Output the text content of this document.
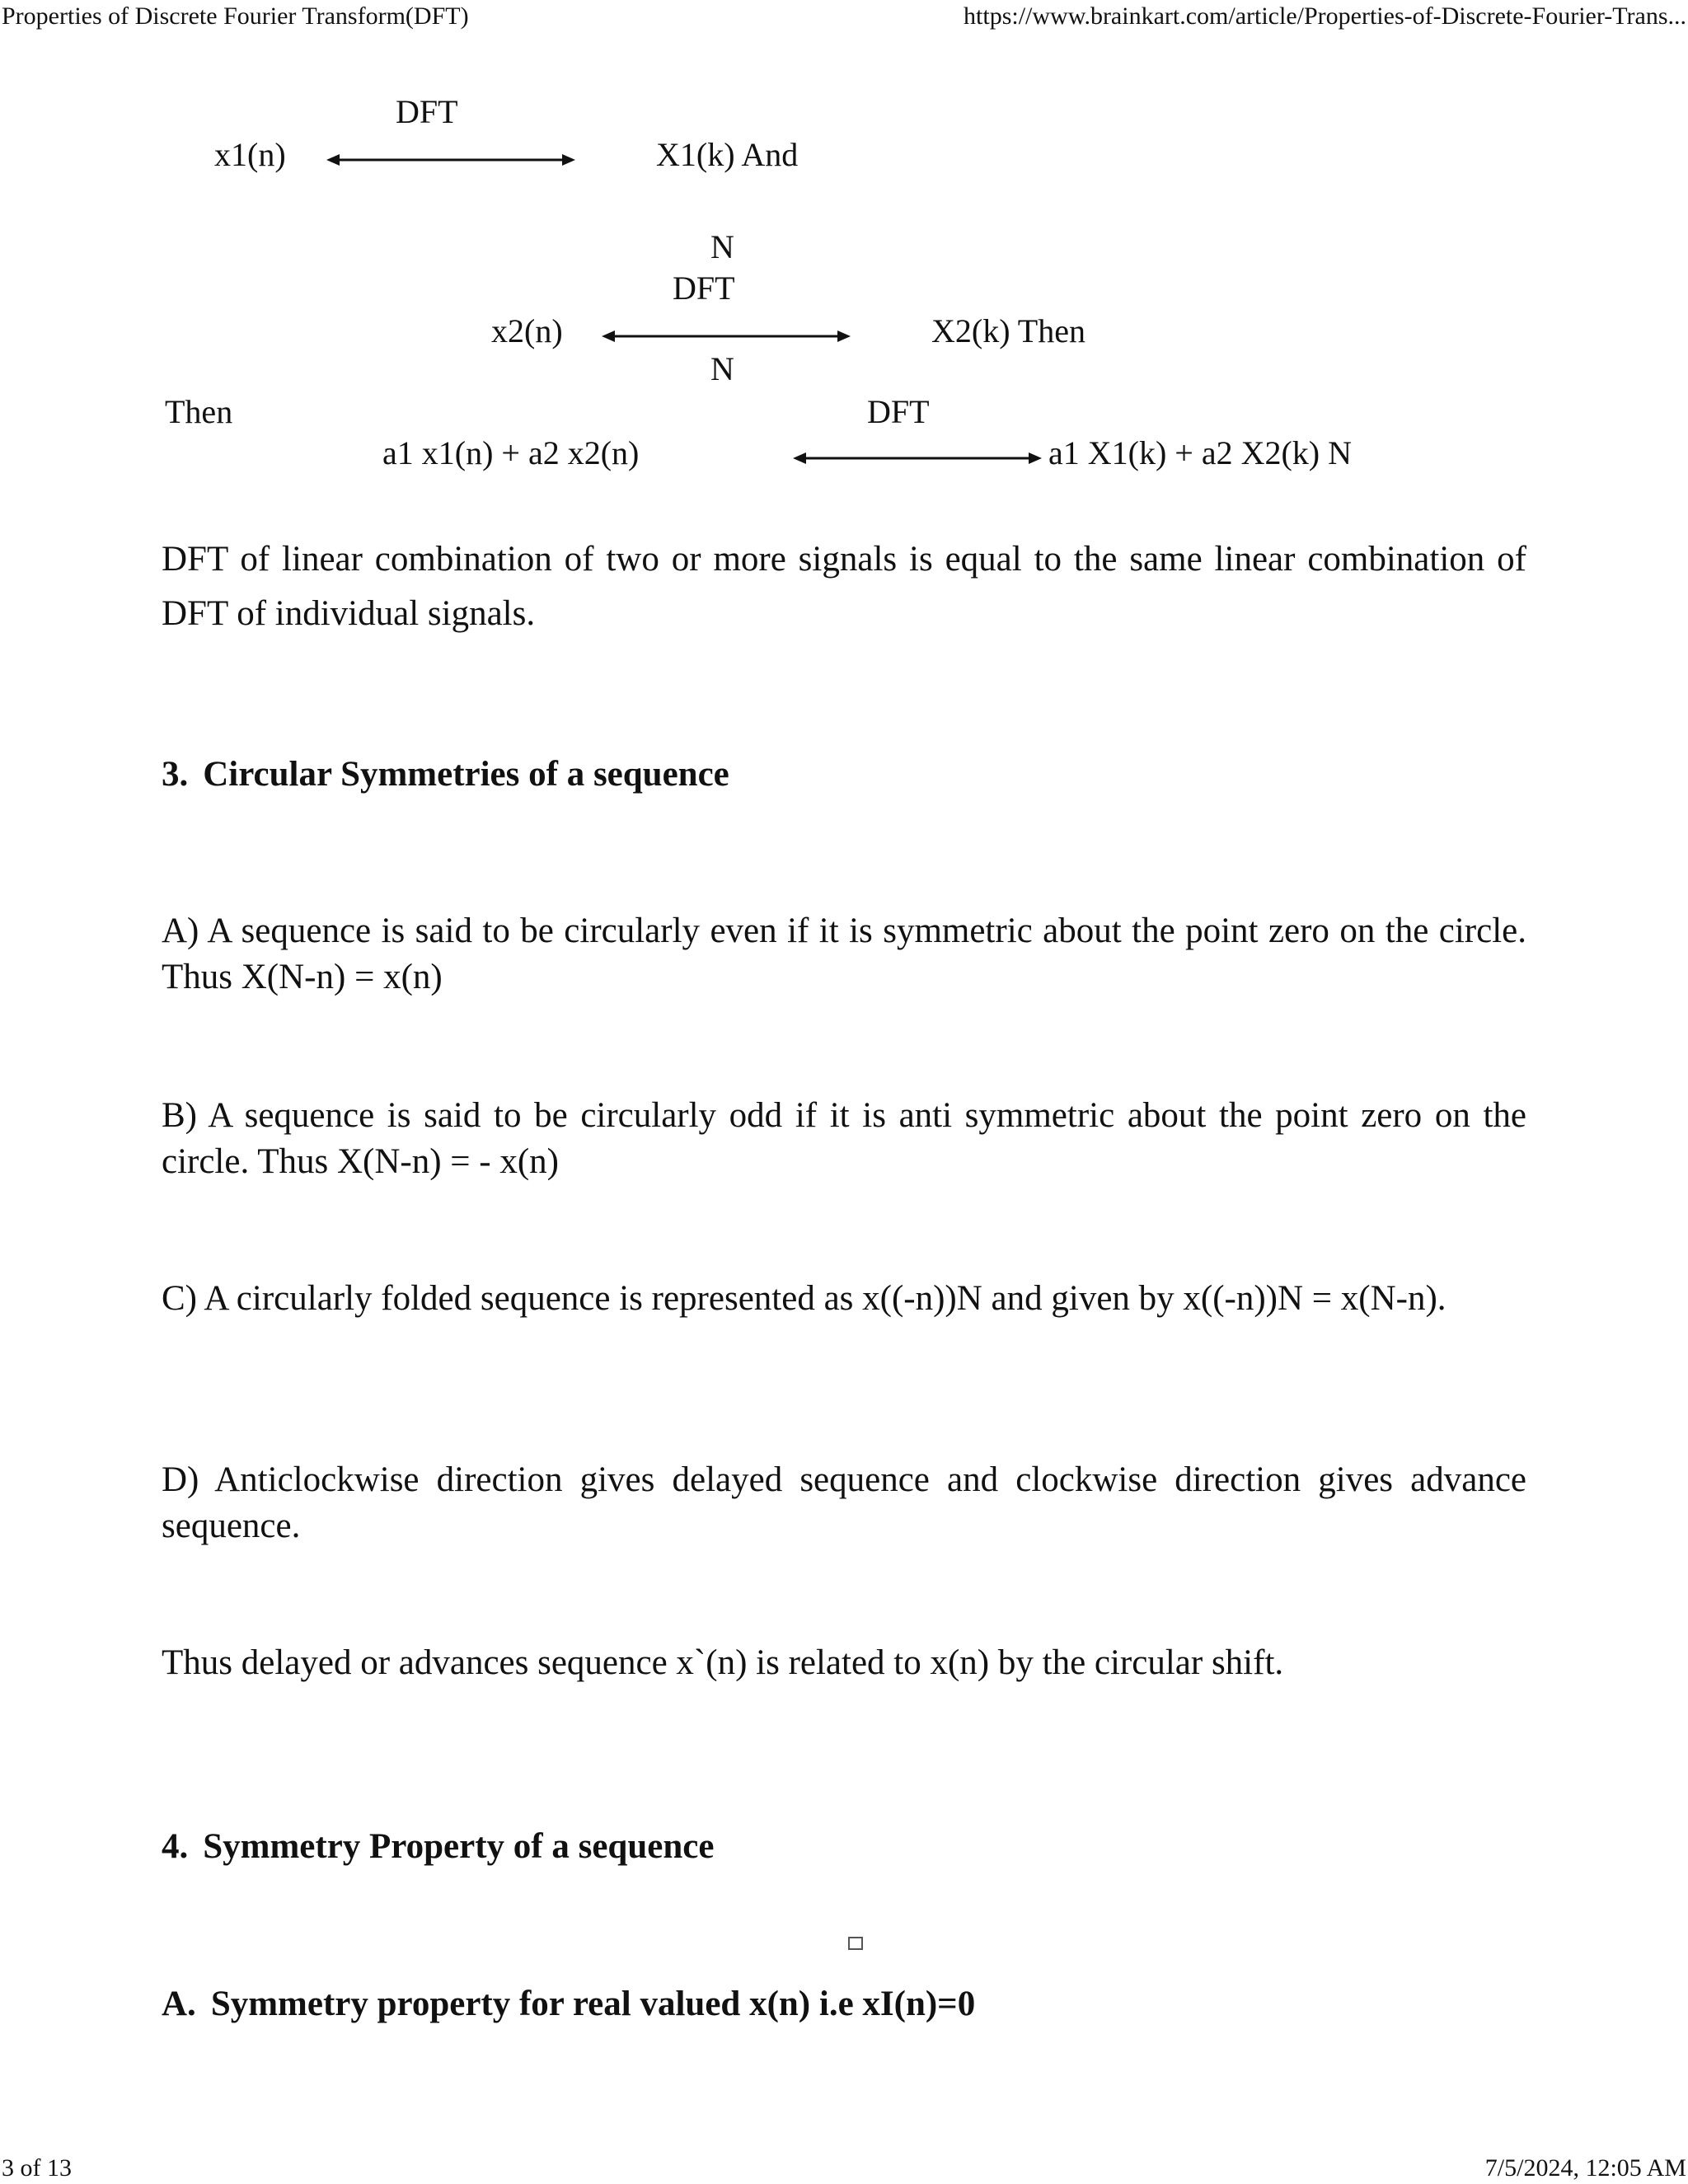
Properties of Discrete Fourier Transform(DFT)	https://www.brainkart.com/article/Properties-of-Discrete-Fourier-Trans...
DFT
x1(n)	X1(k) And
N
DFT
x2(n)	X2(k) Then
N
Then	DFT
a1 x1(n) + a2 x2(n)	a1 X1(k) + a2 X2(k) N

DFT of linear combination of two or more signals is equal to the same linear combination of DFT of individual signals.

3. Circular Symmetries of a sequence

A) A sequence is said to be circularly even if it is symmetric about the point zero on the circle. Thus X(N-n) = x(n)

B) A sequence is said to be circularly odd if it is anti symmetric about the point zero on the circle. Thus X(N-n) = - x(n)

C) A circularly folded sequence is represented as x((-n))N and given by x((-n))N = x(N-n).

D) Anticlockwise direction gives delayed sequence and clockwise direction gives advance sequence.

Thus delayed or advances sequence x`(n) is related to x(n) by the circular shift.

4. Symmetry Property of a sequence
A. Symmetry property for real valued x(n) i.e xI(n)=0
3 of 13	7/5/2024, 12:05 AM
